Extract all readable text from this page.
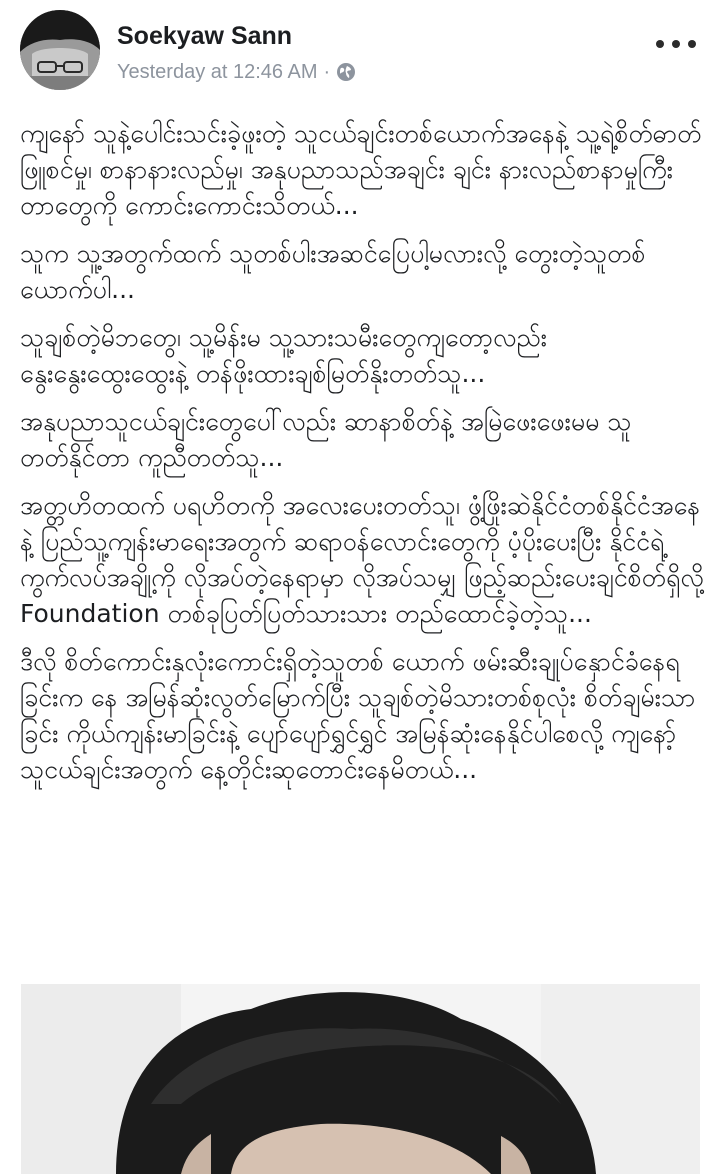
Soekyaw Sann
Yesterday at 12:46 AM ·

ကျနော် သူနဲ့ပေါင်းသင်းခဲ့ဖူးတဲ့ သူငယ်ချင်းတစ်ယောက်အနေနဲ့ သူ့ရဲ့စိတ်ဓာတ်ဖြူစင်မှု၊ စာနာနားလည်မှု၊ အနုပညာသည်အချင်း ချင်း နားလည်စာနာမှုကြီးတာတွေကို ကောင်းကောင်းသိတယ်...

သူက သူ့အတွက်ထက် သူတစ်ပါးအဆင်ပြေပါ့မလားလို့ တွေးတဲ့သူတစ်ယောက်ပါ...

သူချစ်တဲ့မိဘတွေ၊ သူ့မိန်းမ သူ့သားသမီးတွေကျတော့လည်း နွေးနွေးထွေးထွေးနဲ့ တန်ဖိုးထားချစ်မြတ်နိုးတတ်သူ...

အနုပညာသူငယ်ချင်းတွေပေါ်လည်း ဆာနာစိတ်နဲ့ အမြဲဖေးဖေးမမ သူတတ်နိုင်တာ ကူညီတတ်သူ...

အတ္တဟိတထက် ပရဟိတကို အလေးပေးတတ်သူ၊ ဖွံ့ဖြိုးဆဲနိုင်ငံတစ်နိုင်ငံအနေနဲ့ ပြည်သူ့ကျန်းမာရေးအတွက် ဆရာဝန်လောင်းတွေကို ပံ့ပိုးပေးပြီး နိုင်ငံရဲ့ ကွက်လပ်အချို့ကို လိုအပ်တဲ့နေရာမှာ လိုအပ်သမျှ ဖြည့်ဆည်းပေးချင်စိတ်ရှိလို့ Foundation တစ်ခုပြတ်ပြတ်သားသား တည်ထောင်ခဲ့တဲ့သူ...

ဒီလို စိတ်ကောင်းနှလုံးကောင်းရှိတဲ့သူတစ် ယောက် ဖမ်းဆီးချုပ်နှောင်ခံနေရခြင်းက နေ အမြန်ဆုံးလွတ်မြောက်ပြီး သူချစ်တဲ့မိသားတစ်စုလုံး စိတ်ချမ်းသာခြင်း ကိုယ်ကျန်းမာခြင်းနဲ့ ပျော်ပျော်ရွှင်ရွှင် အမြန်ဆုံးနေနိုင်ပါစေလို့ ကျနော့်သူငယ်ချင်းအတွက် နေ့တိုင်းဆုတောင်းနေမိတယ်...
